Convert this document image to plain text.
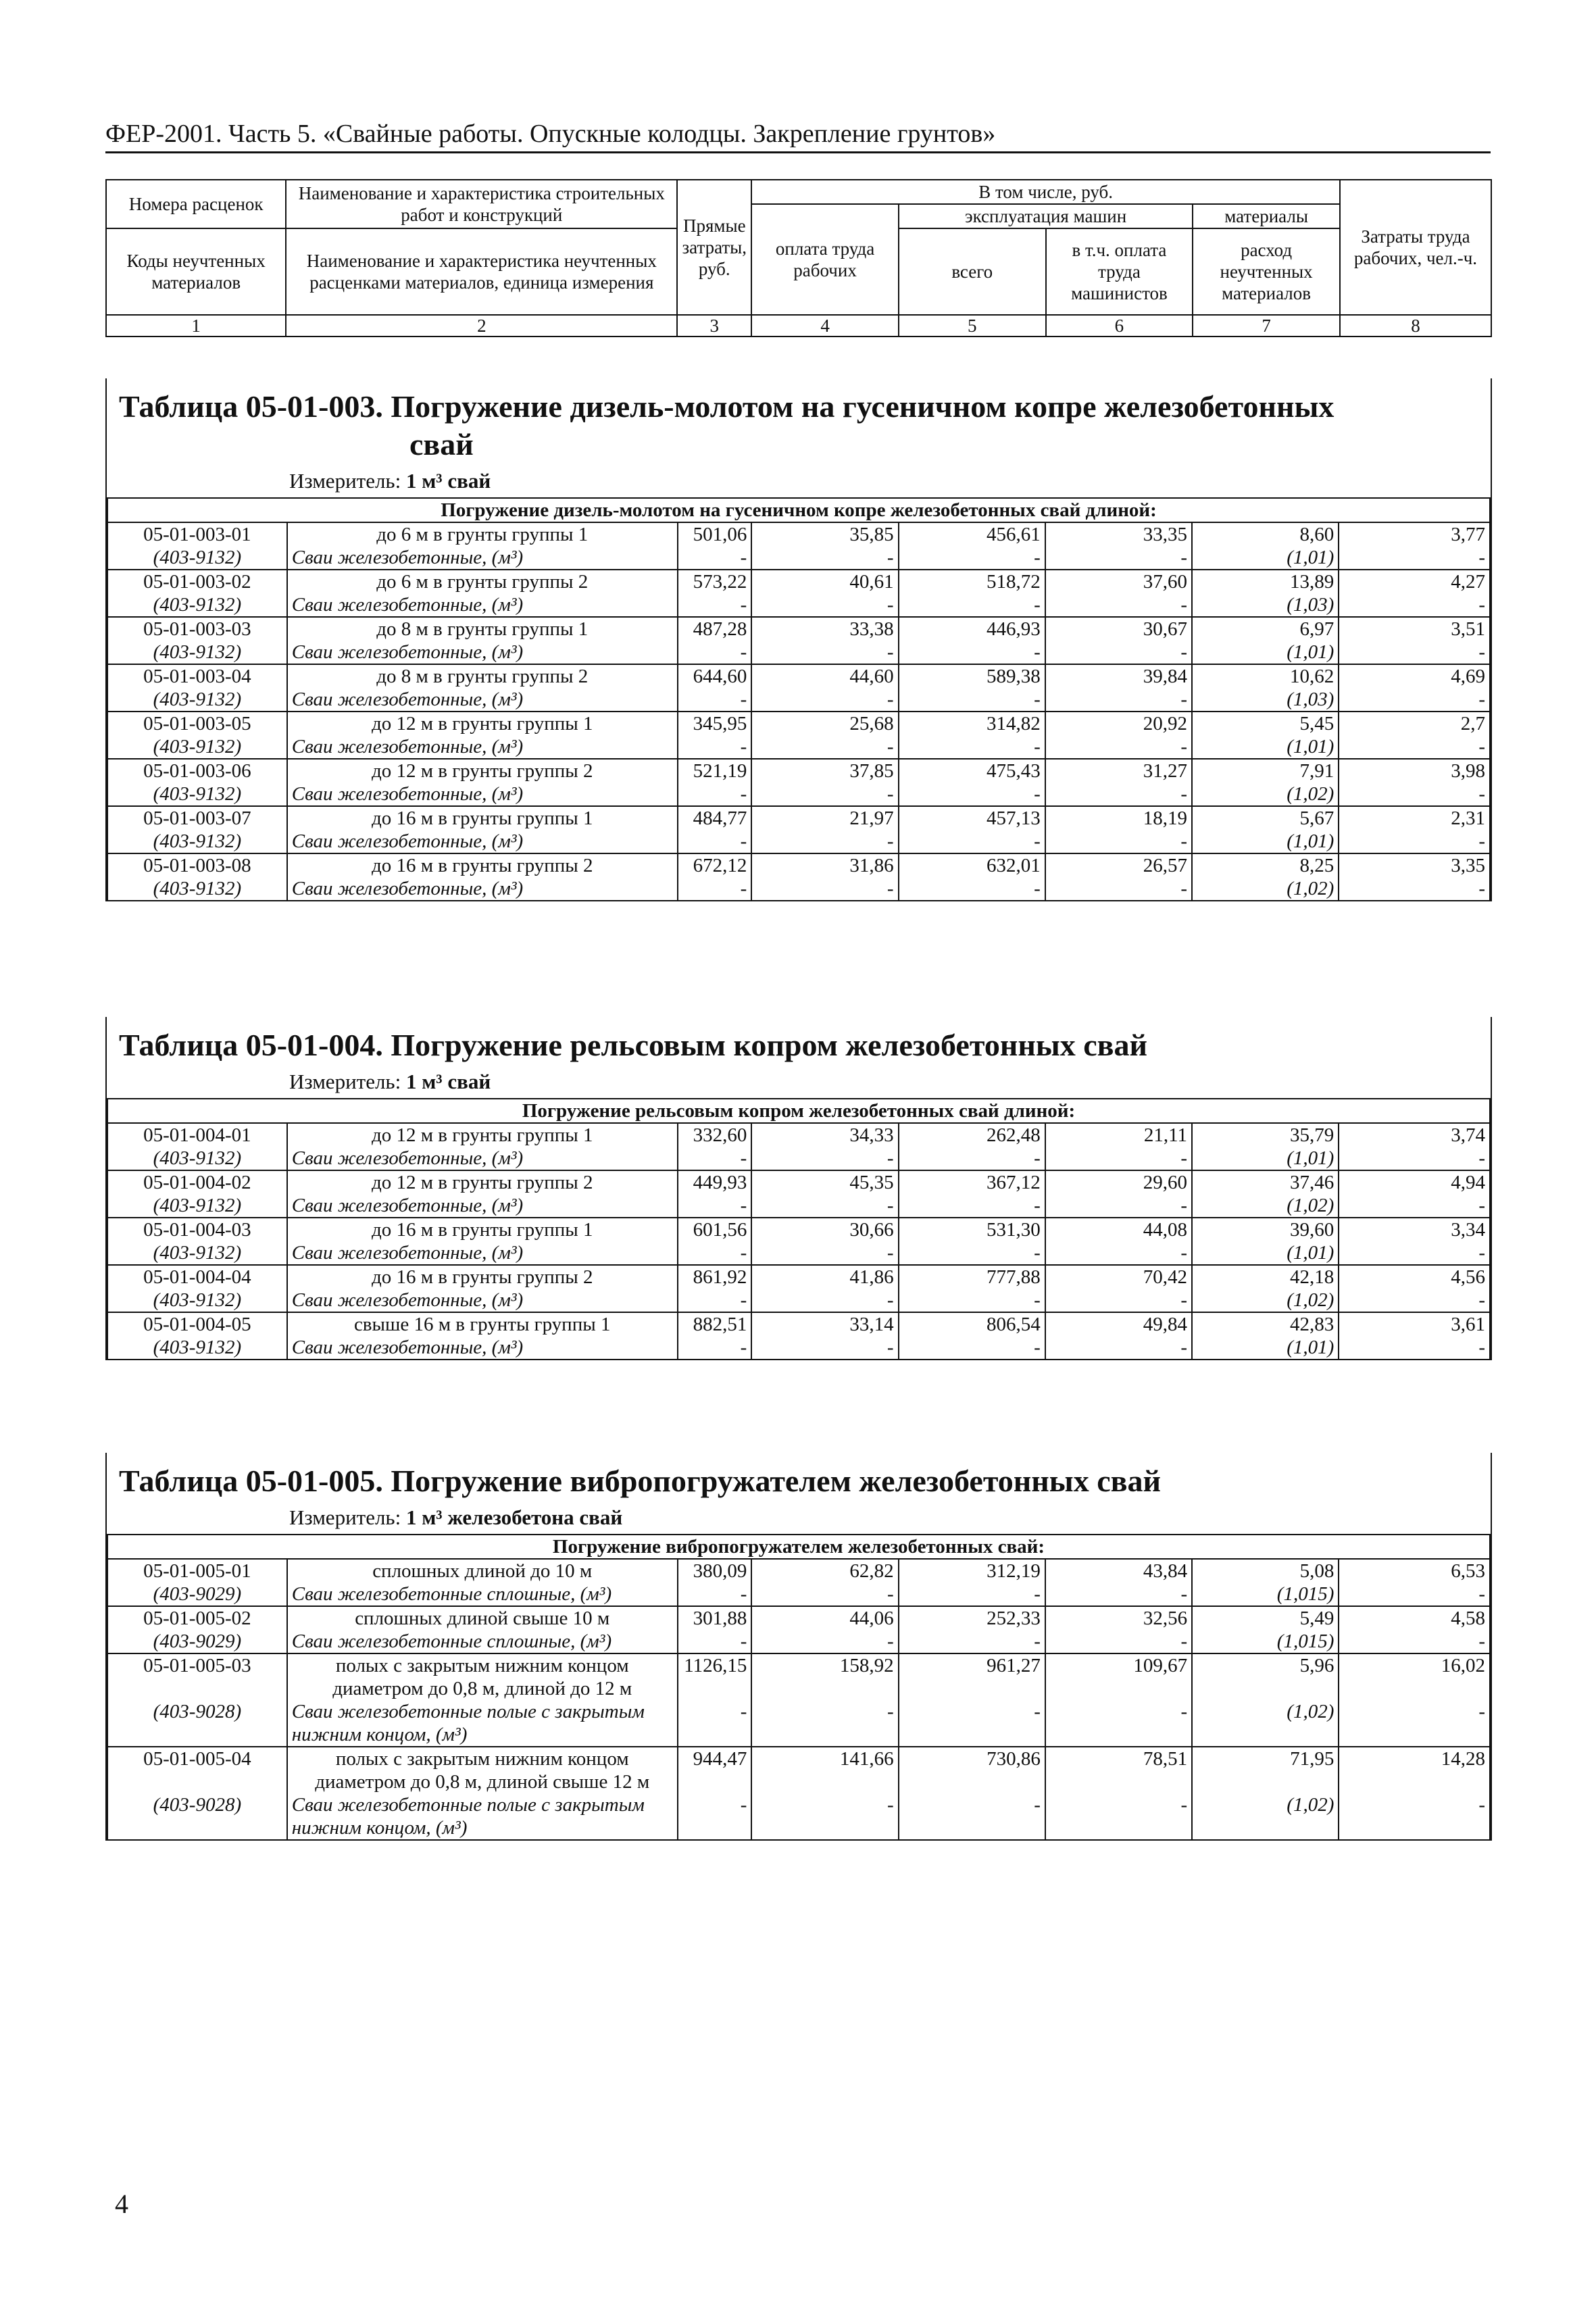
ФЕР-2001. Часть 5. «Свайные работы. Опускные колодцы. Закрепление грунтов»
Номера расценок	Наименование и характеристика строительных работ и конструкций	Прямые затраты, руб.	В том числе, руб.				Затраты труда рабочих, чел.-ч.
			оплата труда рабочих	эксплуатация машин		материалы	
Коды неучтенных материалов	Наименование и характеристика неучтенных расценками материалов, единица измерения			всего	в т.ч. оплата труда машинистов	расход неучтенных материалов	

1	2	3	4	5	6	7	8
Таблица 05-01-003. Погружение дизель-молотом на гусеничном копре железобетонных
свай
Измеритель: 1 м³ свай
Погружение дизель-молотом на гусеничном копре железобетонных свай длиной:							
05-01-003-01	до 6 м в грунты группы 1	501,06	35,85	456,61	33,35	8,60	3,77
(403-9132)	Сваи железобетонные, (м³)	-	-	-	-	(1,01)	-
05-01-003-02	до 6 м в грунты группы 2	573,22	40,61	518,72	37,60	13,89	4,27
(403-9132)	Сваи железобетонные, (м³)	-	-	-	-	(1,03)	-
05-01-003-03	до 8 м в грунты группы 1	487,28	33,38	446,93	30,67	6,97	3,51
(403-9132)	Сваи железобетонные, (м³)	-	-	-	-	(1,01)	-
05-01-003-04	до 8 м в грунты группы 2	644,60	44,60	589,38	39,84	10,62	4,69
(403-9132)	Сваи железобетонные, (м³)	-	-	-	-	(1,03)	-
05-01-003-05	до 12 м в грунты группы 1	345,95	25,68	314,82	20,92	5,45	2,7
(403-9132)	Сваи железобетонные, (м³)	-	-	-	-	(1,01)	-
05-01-003-06	до 12 м в грунты группы 2	521,19	37,85	475,43	31,27	7,91	3,98
(403-9132)	Сваи железобетонные, (м³)	-	-	-	-	(1,02)	-
05-01-003-07	до 16 м в грунты группы 1	484,77	21,97	457,13	18,19	5,67	2,31
(403-9132)	Сваи железобетонные, (м³)	-	-	-	-	(1,01)	-
05-01-003-08	до 16 м в грунты группы 2	672,12	31,86	632,01	26,57	8,25	3,35
(403-9132)	Сваи железобетонные, (м³)	-	-	-	-	(1,02)	-
Таблица 05-01-004. Погружение рельсовым копром железобетонных свай
Измеритель: 1 м³ свай
Погружение рельсовым копром железобетонных свай длиной:							
05-01-004-01	до 12 м в грунты группы 1	332,60	34,33	262,48	21,11	35,79	3,74
(403-9132)	Сваи железобетонные, (м³)	-	-	-	-	(1,01)	-
05-01-004-02	до 12 м в грунты группы 2	449,93	45,35	367,12	29,60	37,46	4,94
(403-9132)	Сваи железобетонные, (м³)	-	-	-	-	(1,02)	-
05-01-004-03	до 16 м в грунты группы 1	601,56	30,66	531,30	44,08	39,60	3,34
(403-9132)	Сваи железобетонные, (м³)	-	-	-	-	(1,01)	-
05-01-004-04	до 16 м в грунты группы 2	861,92	41,86	777,88	70,42	42,18	4,56
(403-9132)	Сваи железобетонные, (м³)	-	-	-	-	(1,02)	-
05-01-004-05	свыше 16 м в грунты группы 1	882,51	33,14	806,54	49,84	42,83	3,61
(403-9132)	Сваи железобетонные, (м³)	-	-	-	-	(1,01)	-
Таблица 05-01-005. Погружение вибропогружателем железобетонных свай
Измеритель: 1 м³ железобетона свай
Погружение вибропогружателем железобетонных свай:							
05-01-005-01	сплошных длиной до 10 м	380,09	62,82	312,19	43,84	5,08	6,53
(403-9029)	Сваи железобетонные сплошные, (м³)	-	-	-	-	(1,015)	-
05-01-005-02	сплошных длиной свыше 10 м	301,88	44,06	252,33	32,56	5,49	4,58
(403-9029)	Сваи железобетонные сплошные, (м³)	-	-	-	-	(1,015)	-
05-01-005-03	полых с закрытым нижним концом диаметром до 0,8 м, длиной до 12 м	1126,15	158,92	961,27	109,67	5,96	16,02
(403-9028)	Сваи железобетонные полые с закрытым нижним концом, (м³)	-	-	-	-	(1,02)	-
05-01-005-04	полых с закрытым нижним концом диаметром до 0,8 м, длиной свыше 12 м	944,47	141,66	730,86	78,51	71,95	14,28
(403-9028)	Сваи железобетонные полые с закрытым нижним концом, (м³)	-	-	-	-	(1,02)	-
4
